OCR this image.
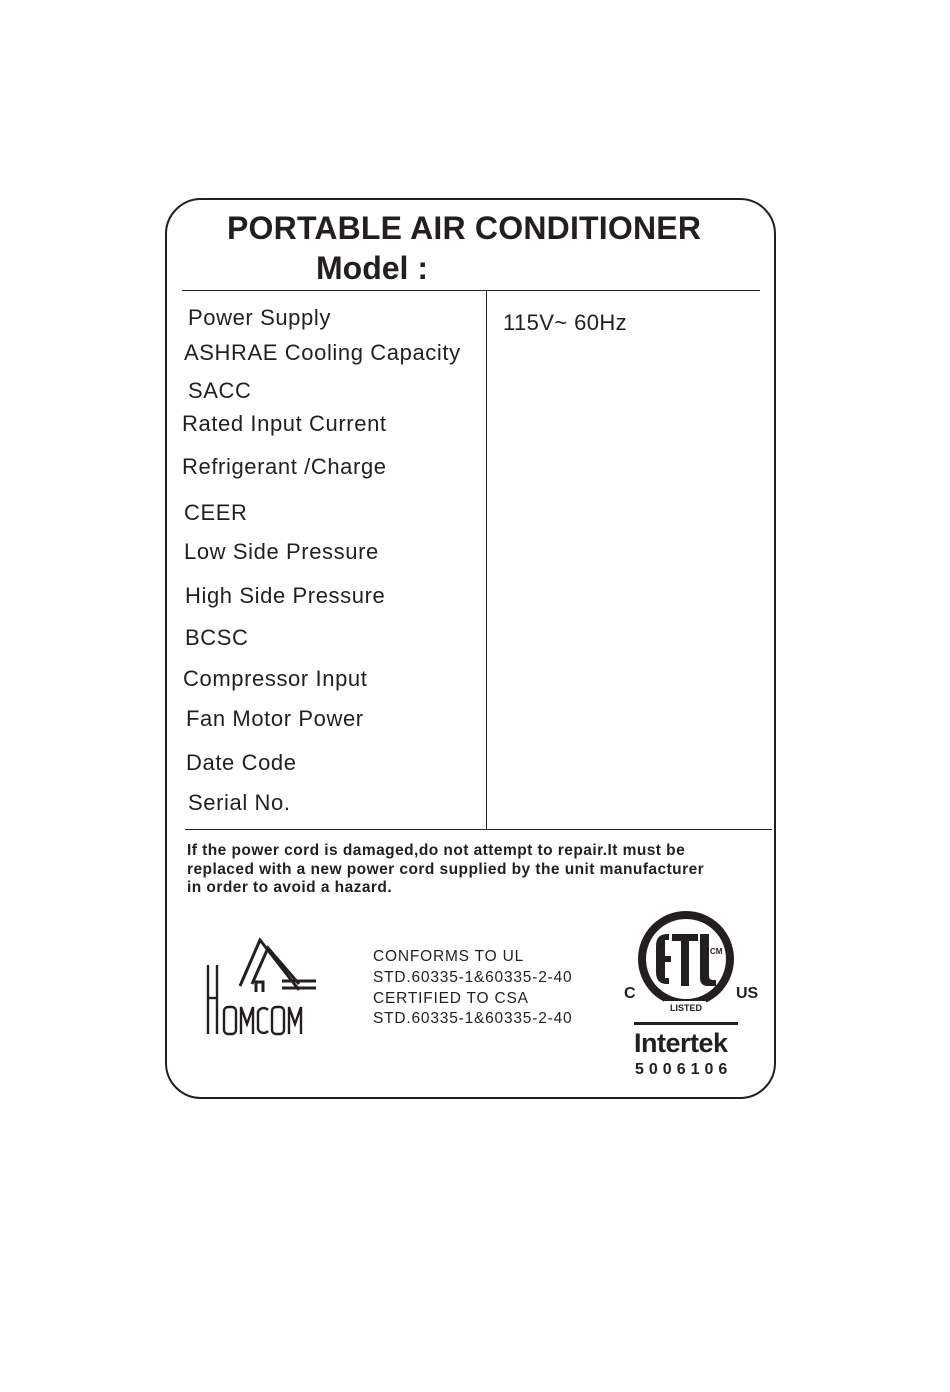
PORTABLE AIR CONDITIONER
Model :
Power Supply	115V~ 60Hz
ASHRAE Cooling Capacity
SACC
Rated Input Current
Refrigerant /Charge
CEER
Low Side Pressure
High Side Pressure
BCSC
Compressor Input
Fan Motor Power
Date Code
Serial No.
If the power cord is damaged,do not attempt to repair.It must be
replaced with a new power cord supplied by the unit manufacturer
in order to avoid a hazard.
CONFORMS TO UL
STD.60335-1&60335-2-40
CERTIFIED TO CSA
STD.60335-1&60335-2-40
CM
LISTED
C	US
Intertek
5006106
